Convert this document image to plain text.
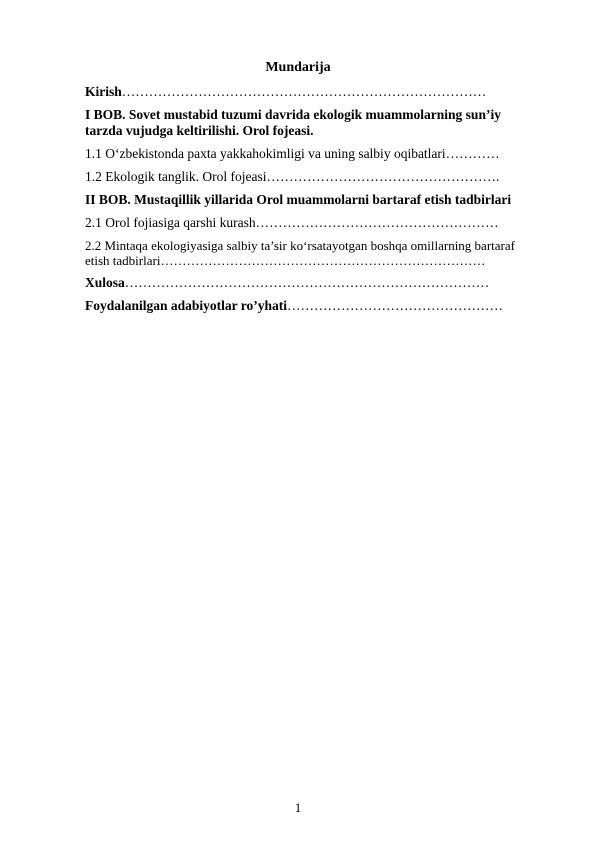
Mundarija
Kirish………………………………………………………………………
I BOB. Sovet mustabid tuzumi davrida ekologik muammolarning sun’iy tarzda vujudga keltirilishi. Orol fojeasi.
1.1 O‘zbekistonda paxta yakkahokimligi va uning salbiy oqibatlari…………
1.2 Ekologik tanglik. Orol fojeasi…………………………………………….
II BOB. Mustaqillik yillarida Orol muammolarni bartaraf etish tadbirlari
2.1 Orol fojiasiga qarshi kurash………………………………………………
2.2 Mintaqa ekologiyasiga salbiy ta’sir ko‘rsatayotgan boshqa omillarning bartaraf etish tadbirlari…………………………………………………………………
Xulosa………………………………………………………………………
Foydalanilgan adabiyotlar ro’yhati…………………………………………
1
